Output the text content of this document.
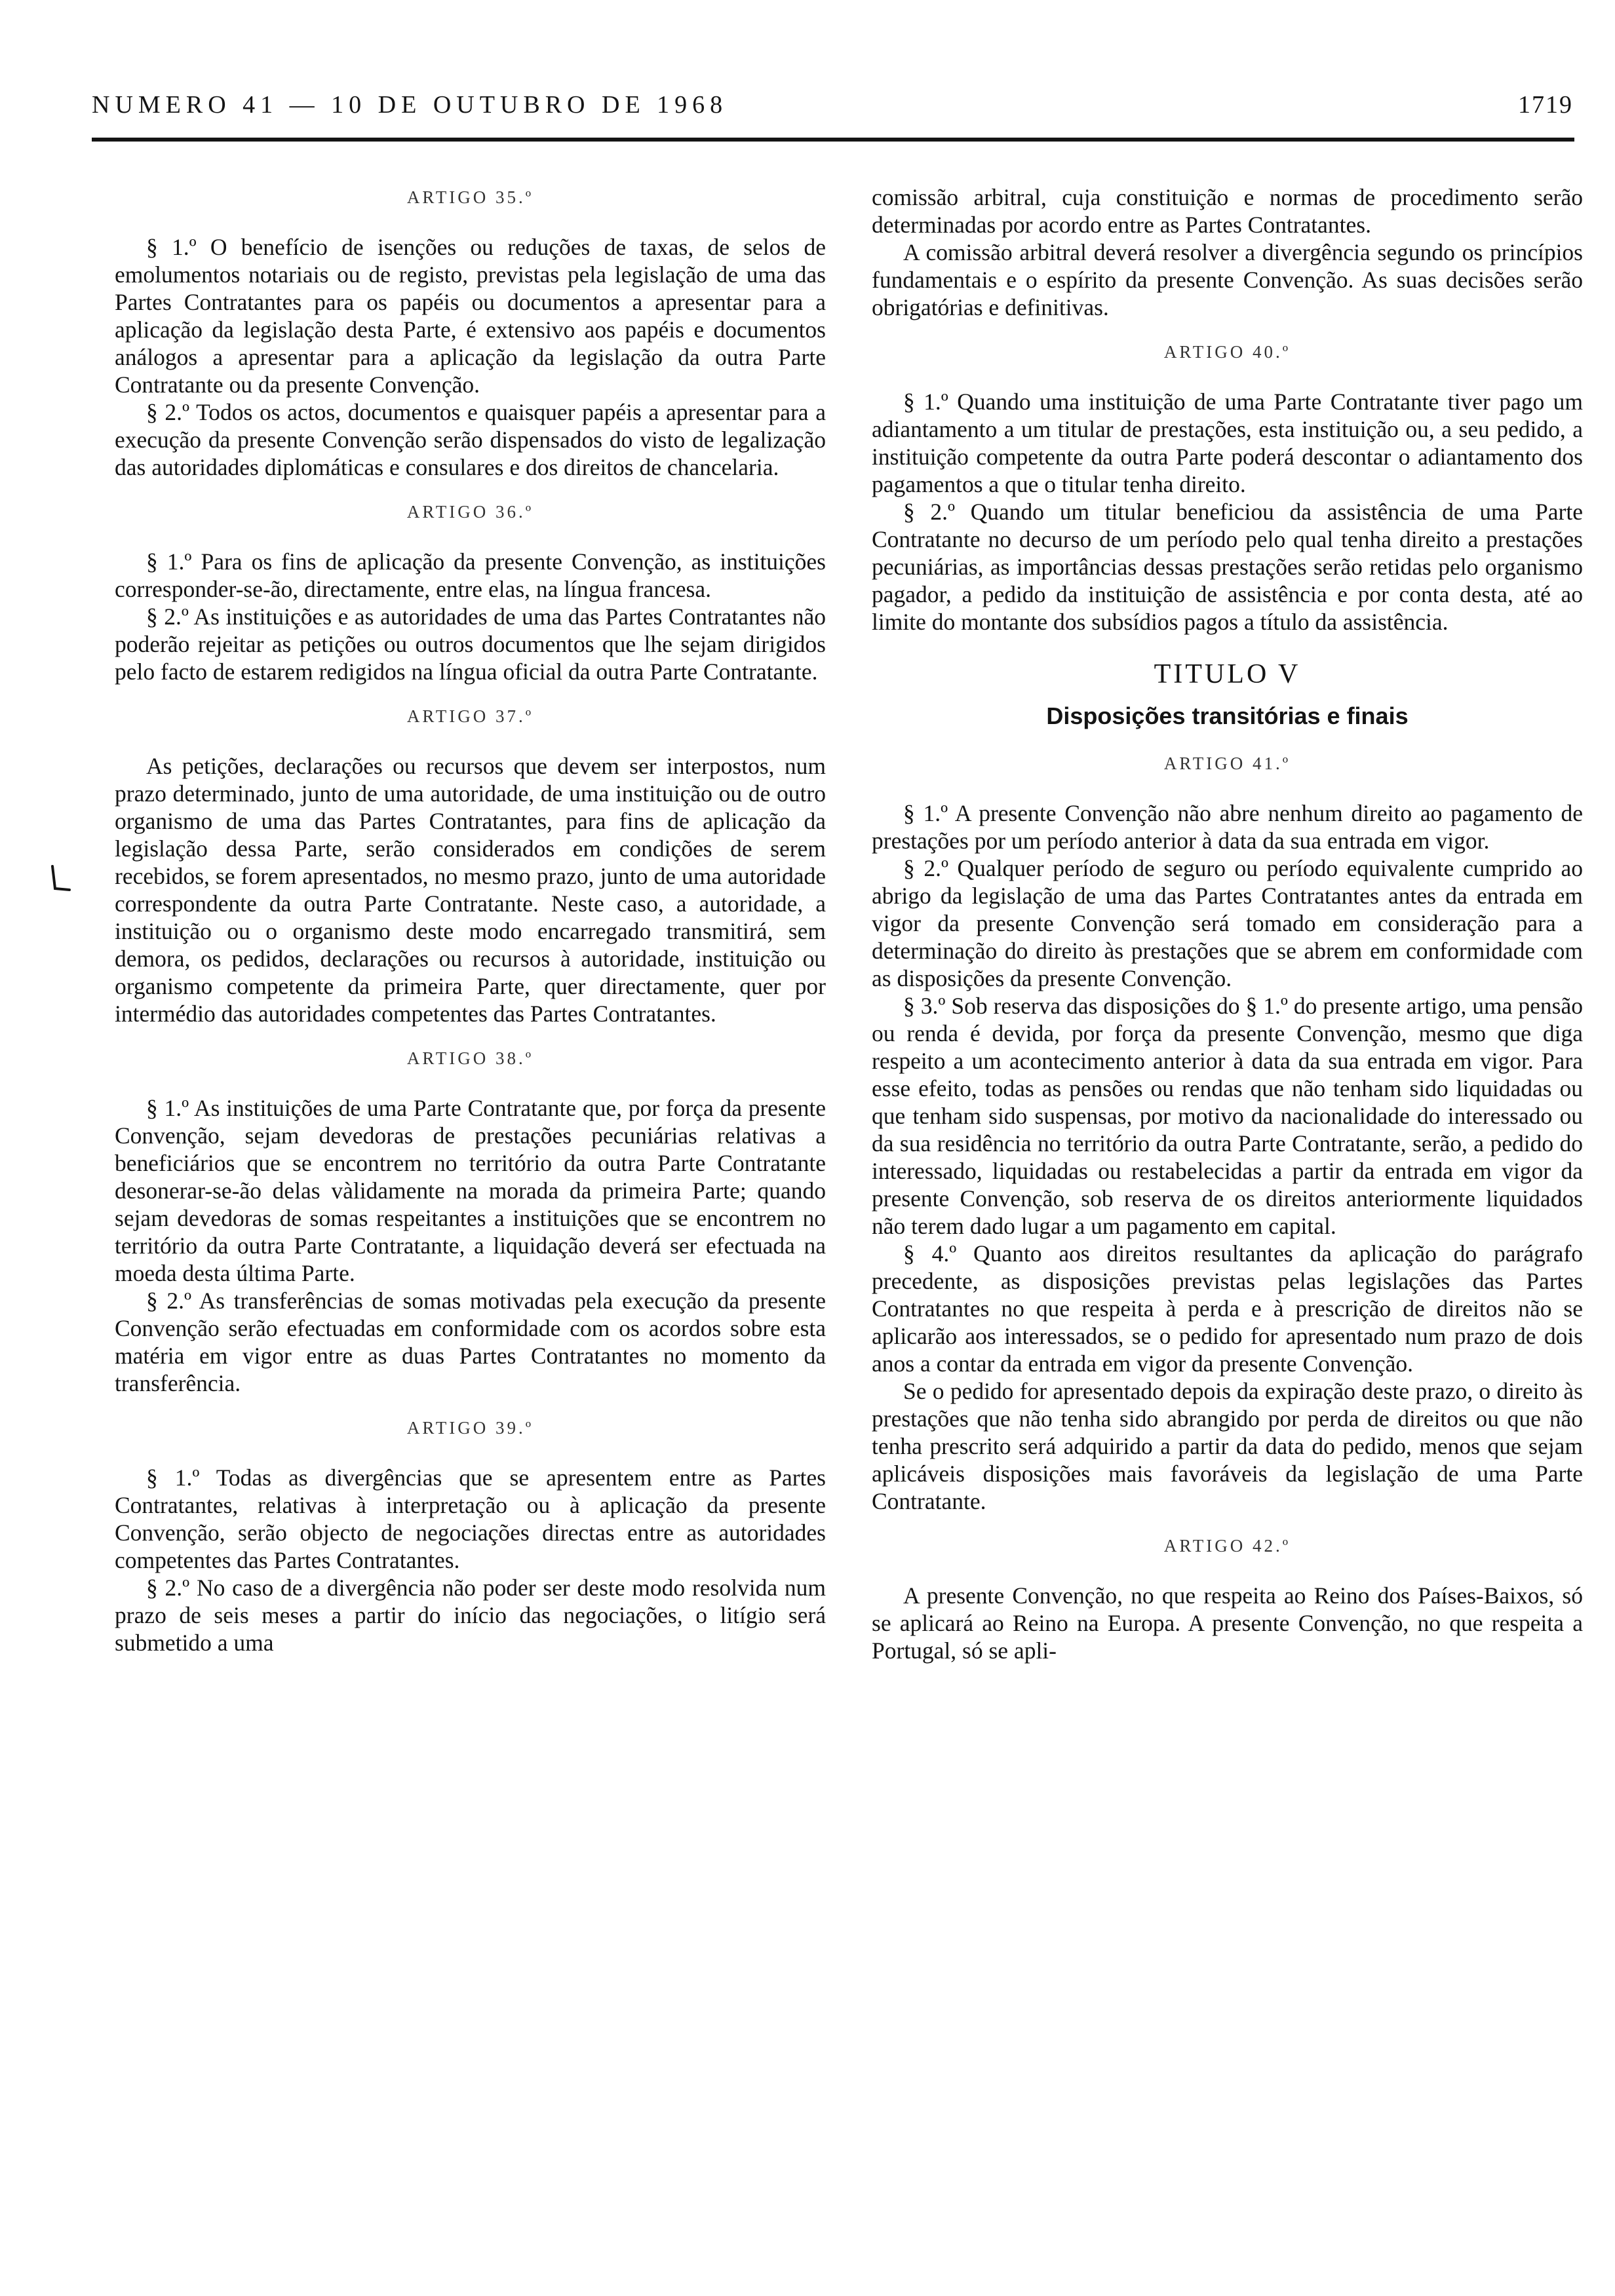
NUMERO 41 — 10 DE OUTUBRO DE 1968	1719
ARTIGO 35.º

§ 1.º O benefício de isenções ou reduções de taxas, de selos de emolumentos notariais ou de registo, previstas pela legislação de uma das Partes Contratantes para os papéis ou documentos a apresentar para a aplicação da legislação desta Parte, é extensivo aos papéis e documentos análogos a apresentar para a aplicação da legislação da outra Parte Contratante ou da presente Convenção.

§ 2.º Todos os actos, documentos e quaisquer papéis a apresentar para a execução da presente Convenção serão dispensados do visto de legalização das autoridades diplomáticas e consulares e dos direitos de chancelaria.

ARTIGO 36.º

§ 1.º Para os fins de aplicação da presente Convenção, as instituições corresponder-se-ão, directamente, entre elas, na língua francesa.

§ 2.º As instituições e as autoridades de uma das Partes Contratantes não poderão rejeitar as petições ou outros documentos que lhe sejam dirigidos pelo facto de estarem redigidos na língua oficial da outra Parte Contratante.

ARTIGO 37.º

As petições, declarações ou recursos que devem ser interpostos, num prazo determinado, junto de uma autoridade, de uma instituição ou de outro organismo de uma das Partes Contratantes, para fins de aplicação da legislação dessa Parte, serão considerados em condições de serem recebidos, se forem apresentados, no mesmo prazo, junto de uma autoridade correspondente da outra Parte Contratante. Neste caso, a autoridade, a instituição ou o organismo deste modo encarregado transmitirá, sem demora, os pedidos, declarações ou recursos à autoridade, instituição ou organismo competente da primeira Parte, quer directamente, quer por intermédio das autoridades competentes das Partes Contratantes.

ARTIGO 38.º

§ 1.º As instituições de uma Parte Contratante que, por força da presente Convenção, sejam devedoras de prestações pecuniárias relativas a beneficiários que se encontrem no território da outra Parte Contratante desonerar-se-ão delas vàlidamente na morada da primeira Parte; quando sejam devedoras de somas respeitantes a instituições que se encontrem no território da outra Parte Contratante, a liquidação deverá ser efectuada na moeda desta última Parte.

§ 2.º As transferências de somas motivadas pela execução da presente Convenção serão efectuadas em conformidade com os acordos sobre esta matéria em vigor entre as duas Partes Contratantes no momento da transferência.

ARTIGO 39.º

§ 1.º Todas as divergências que se apresentem entre as Partes Contratantes, relativas à interpretação ou à aplicação da presente Convenção, serão objecto de negociações directas entre as autoridades competentes das Partes Contratantes.

§ 2.º No caso de a divergência não poder ser deste modo resolvida num prazo de seis meses a partir do início das negociações, o litígio será submetido a uma

comissão arbitral, cuja constituição e normas de procedimento serão determinadas por acordo entre as Partes Contratantes.

A comissão arbitral deverá resolver a divergência segundo os princípios fundamentais e o espírito da presente Convenção. As suas decisões serão obrigatórias e definitivas.

ARTIGO 40.º

§ 1.º Quando uma instituição de uma Parte Contratante tiver pago um adiantamento a um titular de prestações, esta instituição ou, a seu pedido, a instituição competente da outra Parte poderá descontar o adiantamento dos pagamentos a que o titular tenha direito.

§ 2.º Quando um titular beneficiou da assistência de uma Parte Contratante no decurso de um período pelo qual tenha direito a prestações pecuniárias, as importâncias dessas prestações serão retidas pelo organismo pagador, a pedido da instituição de assistência e por conta desta, até ao limite do montante dos subsídios pagos a título da assistência.

TITULO V
Disposições transitórias e finais
ARTIGO 41.º

§ 1.º A presente Convenção não abre nenhum direito ao pagamento de prestações por um período anterior à data da sua entrada em vigor.

§ 2.º Qualquer período de seguro ou período equivalente cumprido ao abrigo da legislação de uma das Partes Contratantes antes da entrada em vigor da presente Convenção será tomado em consideração para a determinação do direito às prestações que se abrem em conformidade com as disposições da presente Convenção.

§ 3.º Sob reserva das disposições do § 1.º do presente artigo, uma pensão ou renda é devida, por força da presente Convenção, mesmo que diga respeito a um acontecimento anterior à data da sua entrada em vigor. Para esse efeito, todas as pensões ou rendas que não tenham sido liquidadas ou que tenham sido suspensas, por motivo da nacionalidade do interessado ou da sua residência no território da outra Parte Contratante, serão, a pedido do interessado, liquidadas ou restabelecidas a partir da entrada em vigor da presente Convenção, sob reserva de os direitos anteriormente liquidados não terem dado lugar a um pagamento em capital.

§ 4.º Quanto aos direitos resultantes da aplicação do parágrafo precedente, as disposições previstas pelas legislações das Partes Contratantes no que respeita à perda e à prescrição de direitos não se aplicarão aos interessados, se o pedido for apresentado num prazo de dois anos a contar da entrada em vigor da presente Convenção.

Se o pedido for apresentado depois da expiração deste prazo, o direito às prestações que não tenha sido abrangido por perda de direitos ou que não tenha prescrito será adquirido a partir da data do pedido, menos que sejam aplicáveis disposições mais favoráveis da legislação de uma Parte Contratante.

ARTIGO 42.º

A presente Convenção, no que respeita ao Reino dos Países-Baixos, só se aplicará ao Reino na Europa. A presente Convenção, no que respeita a Portugal, só se apli-
